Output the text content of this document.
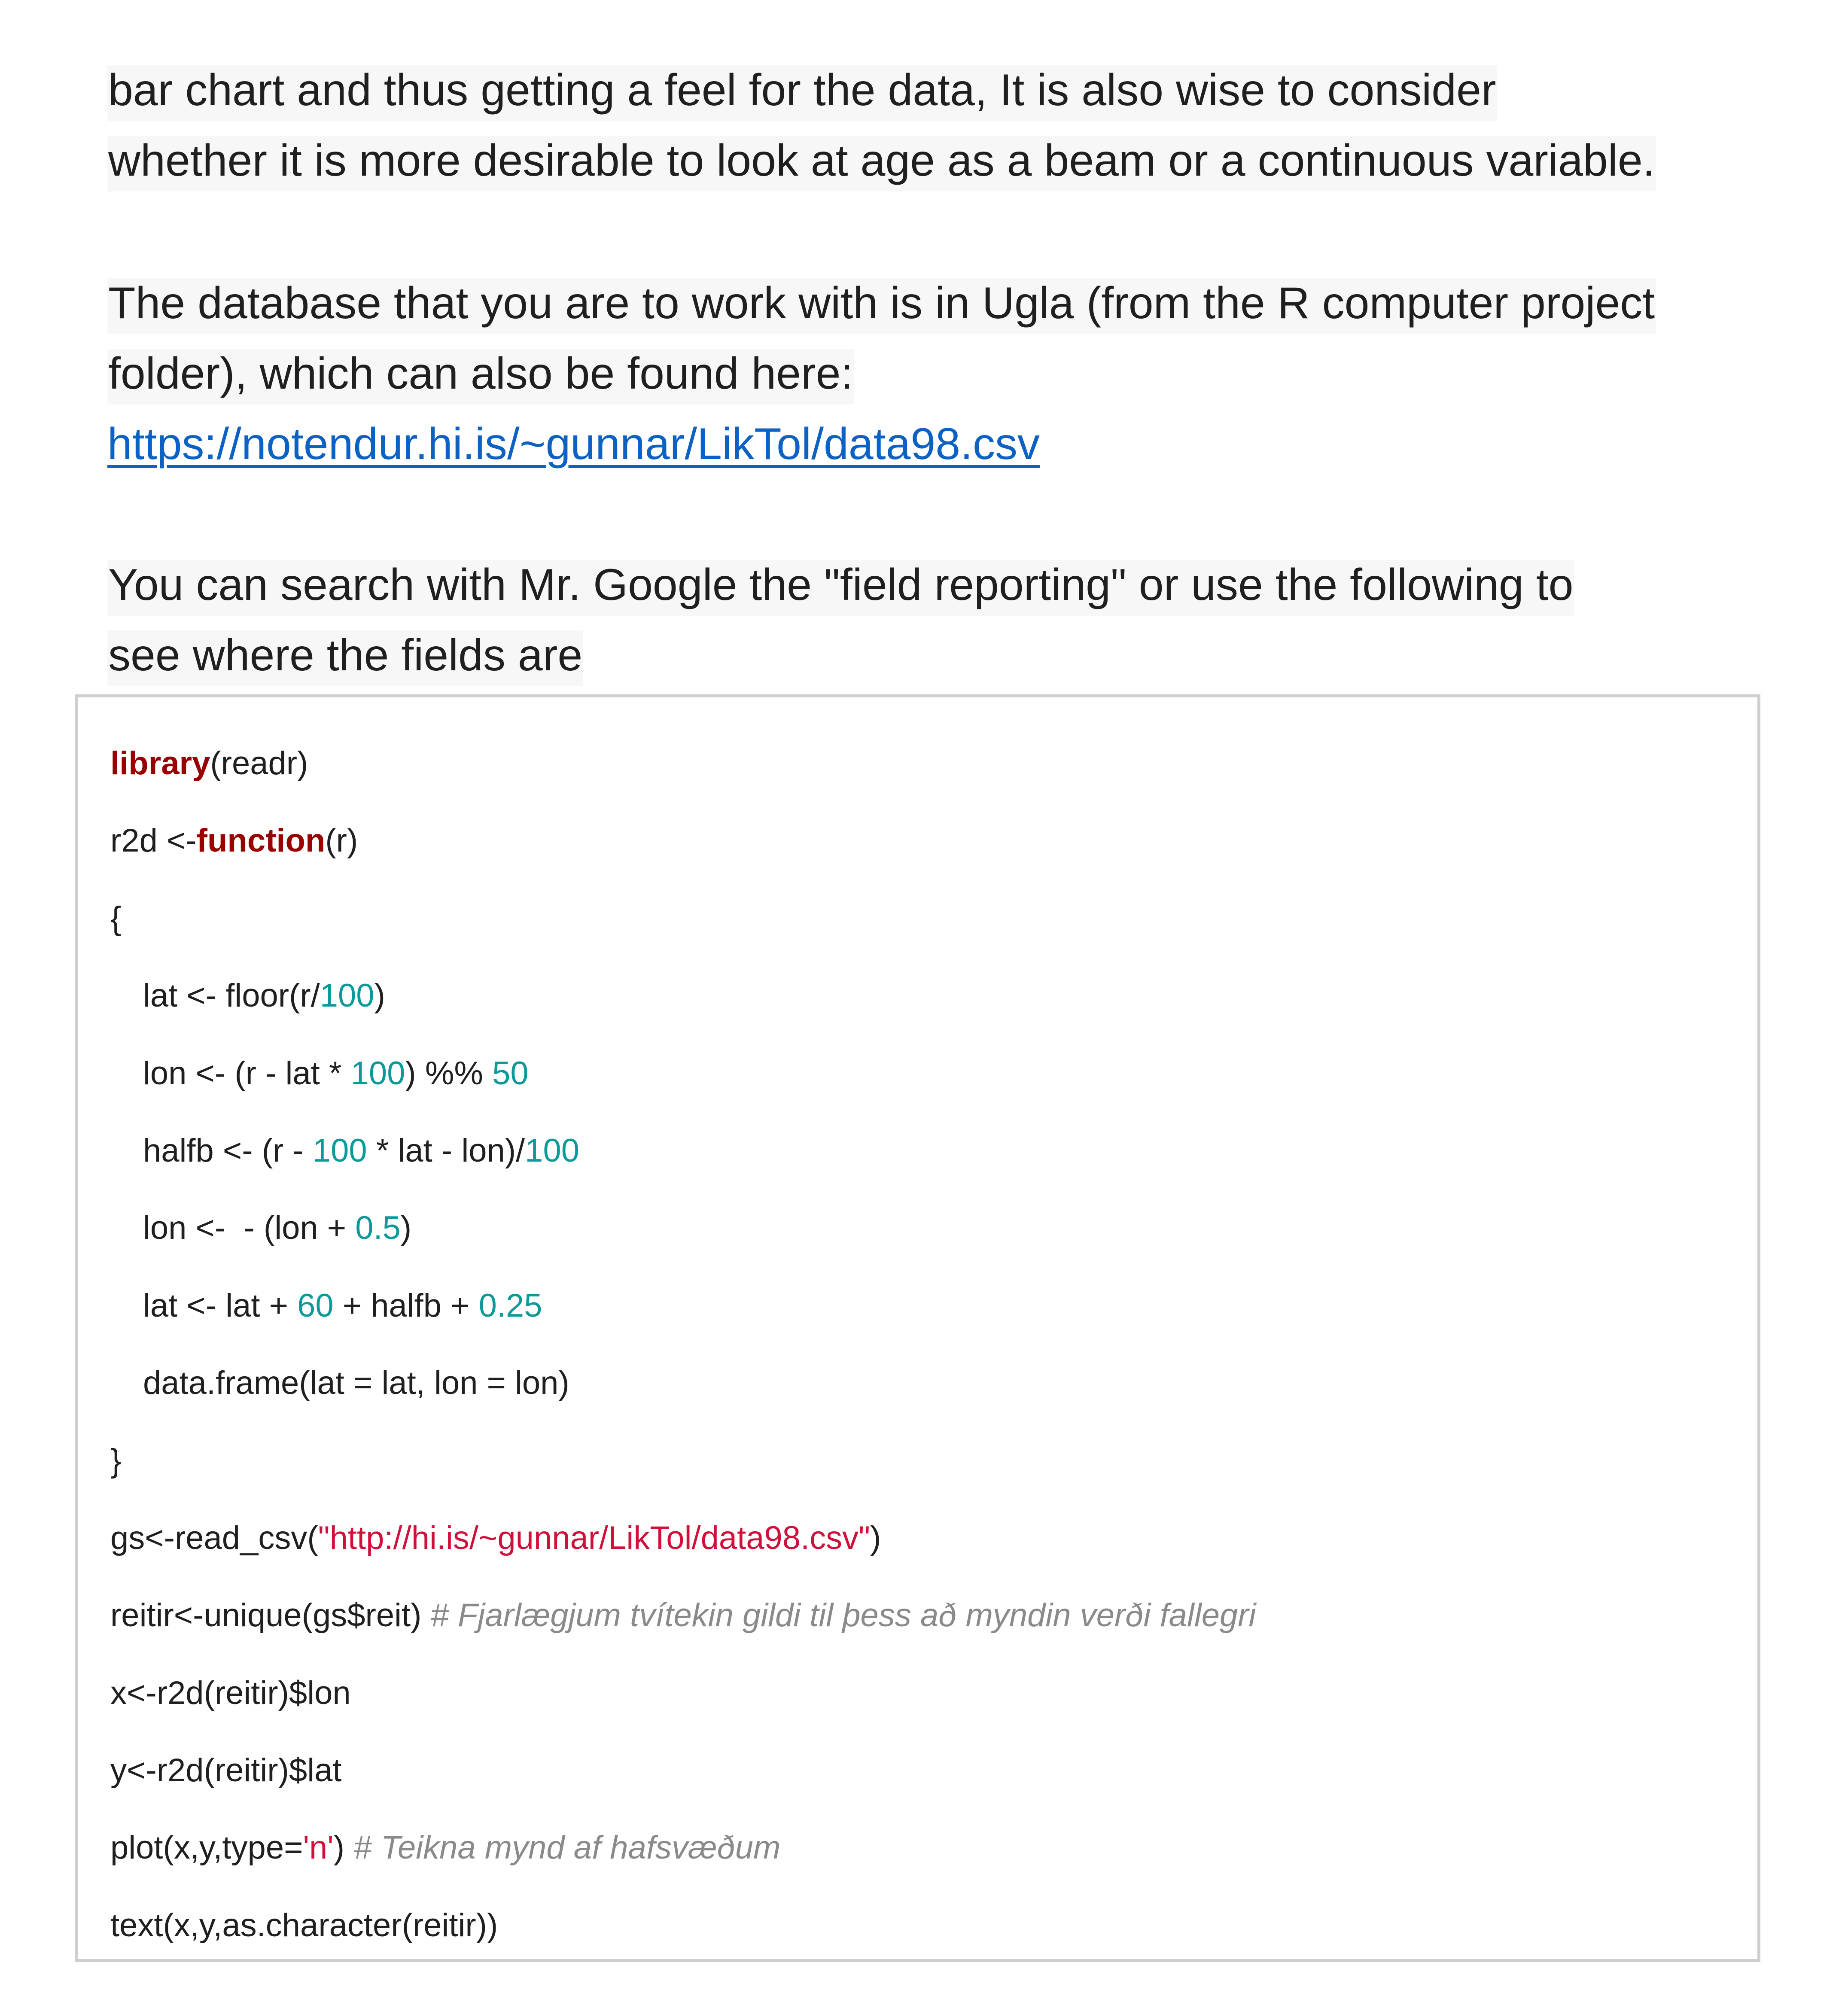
bar chart and thus getting a feel for the data, It is also wise to consider
whether it is more desirable to look at age as a beam or a continuous variable.

The database that you are to work with is in Ugla (from the R computer project
folder), which can also be found here:
https://notendur.hi.is/~gunnar/LikTol/data98.csv

You can search with Mr. Google the "field reporting" or use the following to
see where the fields are

library(readr)
r2d <-function(r)
{
lat <- floor(r/100)
lon <- (r - lat * 100) %% 50
halfb <- (r - 100 * lat - lon)/100
lon <-  - (lon + 0.5)
lat <- lat + 60 + halfb + 0.25
data.frame(lat = lat, lon = lon)
}
gs<-read_csv("http://hi.is/~gunnar/LikTol/data98.csv")
reitir<-unique(gs$reit) # Fjarlægjum tvítekin gildi til þess að myndin verði fallegri
x<-r2d(reitir)$lon
y<-r2d(reitir)$lat
plot(x,y,type='n') # Teikna mynd af hafsvæðum
text(x,y,as.character(reitir))
